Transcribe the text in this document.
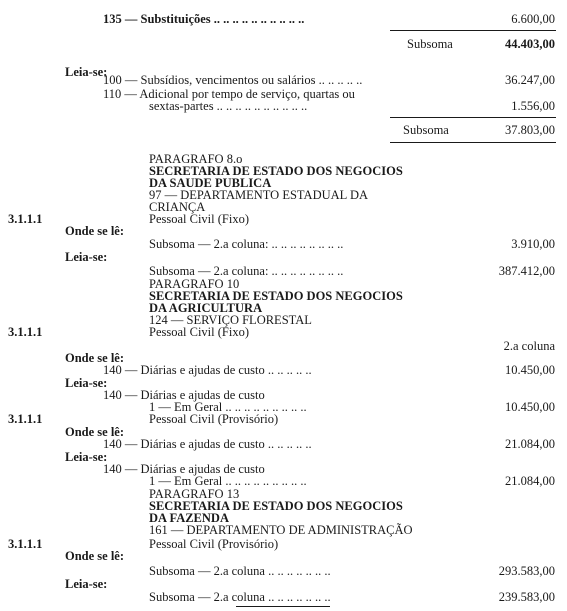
135 — Substituições .. .. .. .. .. .. .. .. .. ..	6.600,00
Subsoma	44.403,00
Leia-se:
100 — Subsídios, vencimentos ou salários .. .. .. .. ..	36.247,00
110 — Adicional por tempo de serviço, quartas ou
sextas-partes .. .. .. .. .. .. .. .. .. ..	1.556,00
Subsoma	37.803,00
PARAGRAFO 8.o
SECRETARIA DE ESTADO DOS NEGOCIOS
DA SAUDE PUBLICA
97 — DEPARTAMENTO ESTADUAL DA
CRIANÇA
3.1.1.1	Pessoal Civil (Fixo)
Onde se lê:
Subsoma — 2.a coluna: .. .. .. .. .. .. .. ..	3.910,00
Leia-se:
Subsoma — 2.a coluna: .. .. .. .. .. .. .. ..	387.412,00
PARAGRAFO 10
SECRETARIA DE ESTADO DOS NEGOCIOS
DA AGRICULTURA
124 — SERVIÇO FLORESTAL
3.1.1.1	Pessoal Civil (Fixo)
2.a coluna
Onde se lê:
140 — Diárias e ajudas de custo .. .. .. .. ..	10.450,00
Leia-se:
140 — Diárias e ajudas de custo
1 — Em Geral .. .. .. .. .. .. .. .. ..	10.450,00
3.1.1.1	Pessoal Civil (Provisório)
Onde se lê:
140 — Diárias e ajudas de custo .. .. .. .. ..	21.084,00
Leia-se:
140 — Diárias e ajudas de custo
1 — Em Geral .. .. .. .. .. .. .. .. ..	21.084,00
PARAGRAFO 13
SECRETARIA DE ESTADO DOS NEGOCIOS
DA FAZENDA
161 — DEPARTAMENTO DE ADMINISTRAÇÃO
3.1.1.1	Pessoal Civil (Provisório)
Onde se lê:
Subsoma — 2.a coluna .. .. .. .. .. .. ..	293.583,00
Leia-se:
Subsoma — 2.a coluna .. .. .. .. .. .. ..	239.583,00
